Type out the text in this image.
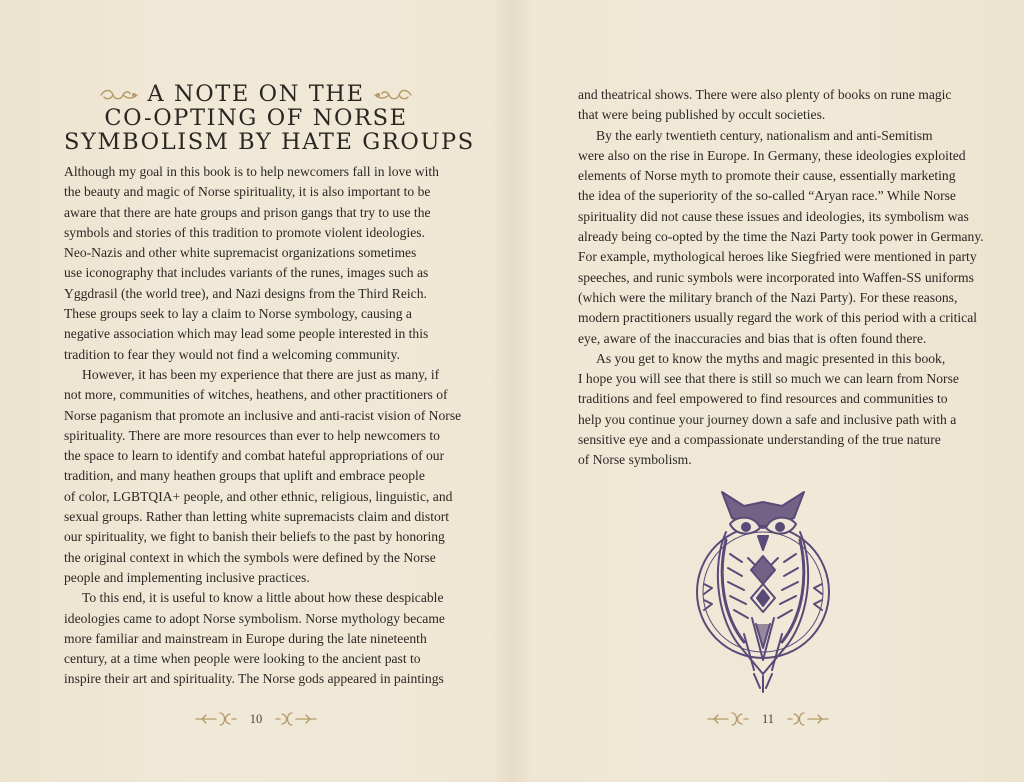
A NOTE ON THE
CO-OPTING OF NORSE
SYMBOLISM BY HATE GROUPS
Although my goal in this book is to help newcomers fall in love with
the beauty and magic of Norse spirituality, it is also important to be
aware that there are hate groups and prison gangs that try to use the
symbols and stories of this tradition to promote violent ideologies.
Neo-Nazis and other white supremacist organizations sometimes
use iconography that includes variants of the runes, images such as
Yggdrasil (the world tree), and Nazi designs from the Third Reich.
These groups seek to lay a claim to Norse symbology, causing a
negative association which may lead some people interested in this
tradition to fear they would not find a welcoming community.
However, it has been my experience that there are just as many, if
not more, communities of witches, heathens, and other practitioners of
Norse paganism that promote an inclusive and anti-racist vision of Norse
spirituality. There are more resources than ever to help newcomers to
the space to learn to identify and combat hateful appropriations of our
tradition, and many heathen groups that uplift and embrace people
of color, LGBTQIA+ people, and other ethnic, religious, linguistic, and
sexual groups. Rather than letting white supremacists claim and distort
our spirituality, we fight to banish their beliefs to the past by honoring
the original context in which the symbols were defined by the Norse
people and implementing inclusive practices.
To this end, it is useful to know a little about how these despicable
ideologies came to adopt Norse symbolism. Norse mythology became
more familiar and mainstream in Europe during the late nineteenth
century, at a time when people were looking to the ancient past to
inspire their art and spirituality. The Norse gods appeared in paintings
10
and theatrical shows. There were also plenty of books on rune magic
that were being published by occult societies.
By the early twentieth century, nationalism and anti-Semitism
were also on the rise in Europe. In Germany, these ideologies exploited
elements of Norse myth to promote their cause, essentially marketing
the idea of the superiority of the so-called “Aryan race.” While Norse
spirituality did not cause these issues and ideologies, its symbolism was
already being co-opted by the time the Nazi Party took power in Germany.
For example, mythological heroes like Siegfried were mentioned in party
speeches, and runic symbols were incorporated into Waffen-SS uniforms
(which were the military branch of the Nazi Party). For these reasons,
modern practitioners usually regard the work of this period with a critical
eye, aware of the inaccuracies and bias that is often found there.
As you get to know the myths and magic presented in this book,
I hope you will see that there is still so much we can learn from Norse
traditions and feel empowered to find resources and communities to
help you continue your journey down a safe and inclusive path with a
sensitive eye and a compassionate understanding of the true nature
of Norse symbolism.
11
